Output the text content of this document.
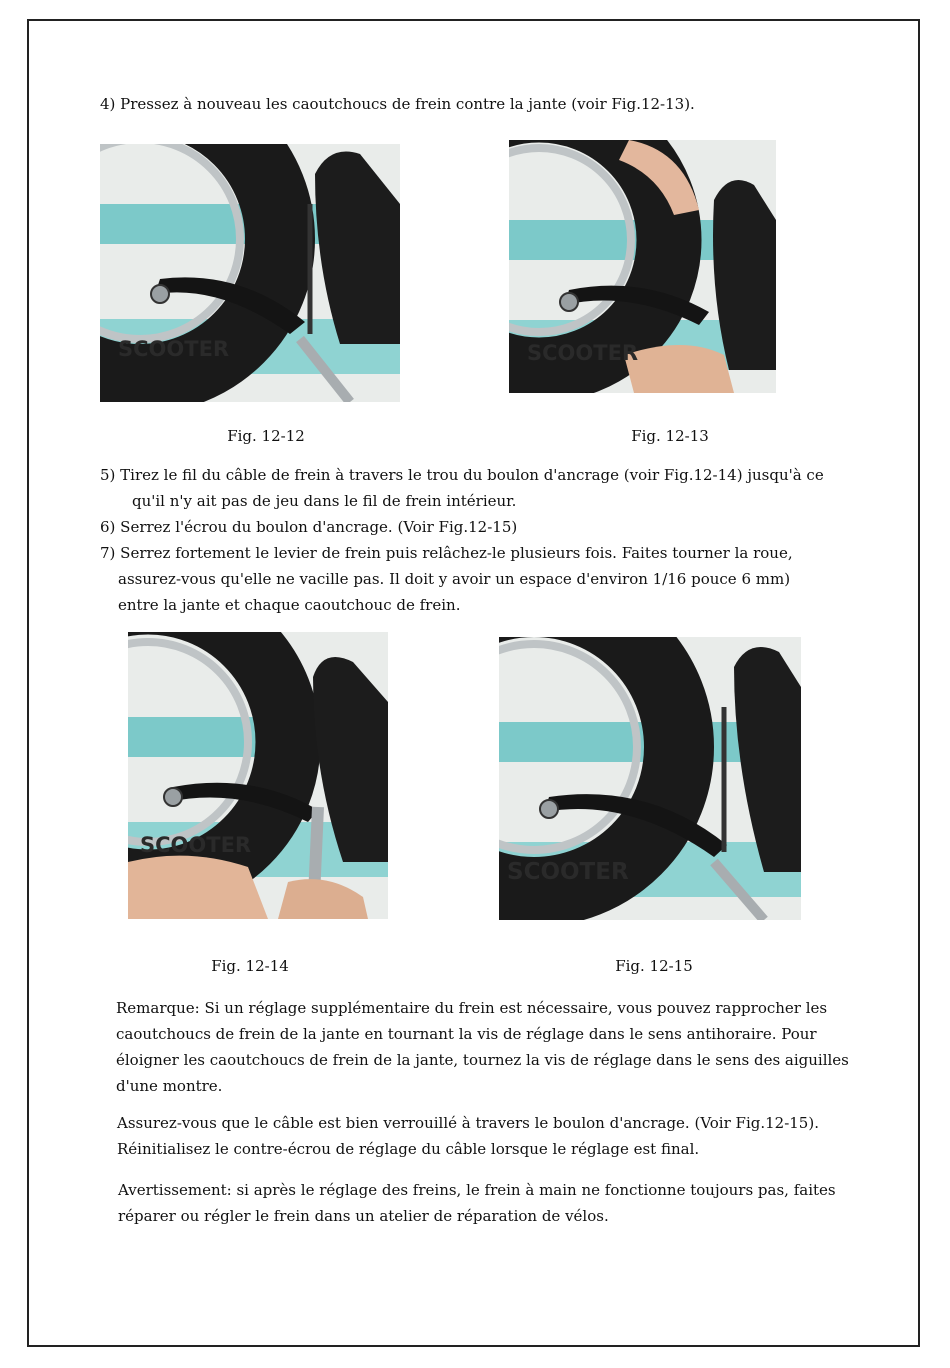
4) Pressez à nouveau les caoutchoucs de frein contre la jante (voir Fig.12-13).
SCOOTER
Fig. 12-12
SCOOTER
Fig. 12-13
5) Tirez le fil du câble de frein à travers le trou du boulon d'ancrage (voir Fig.12-14) jusqu'à ce
qu'il n'y ait pas de jeu dans le fil de frein intérieur.
6) Serrez l'écrou du boulon d'ancrage. (Voir Fig.12-15)
7) Serrez fortement le levier de frein puis relâchez-le plusieurs fois. Faites tourner la roue,
assurez-vous qu'elle ne vacille pas. Il doit y avoir un espace d'environ 1/16 pouce 6 mm)
entre la jante et chaque caoutchouc de frein.
SCOOTER
Fig. 12-14
SCOOTER
Fig. 12-15
Remarque: Si un réglage supplémentaire du frein est nécessaire, vous pouvez rapprocher les
caoutchoucs de frein de la jante en tournant la vis de réglage dans le sens antihoraire. Pour
éloigner les caoutchoucs de frein de la jante, tournez la vis de réglage dans le sens des aiguilles
d'une montre.
Assurez-vous que le câble est bien verrouillé à travers le boulon d'ancrage. (Voir Fig.12-15).
Réinitialisez le contre-écrou de réglage du câble lorsque le réglage est final.
Avertissement: si après le réglage des freins, le frein à main ne fonctionne toujours pas, faites
réparer ou régler le frein dans un atelier de réparation de vélos.
